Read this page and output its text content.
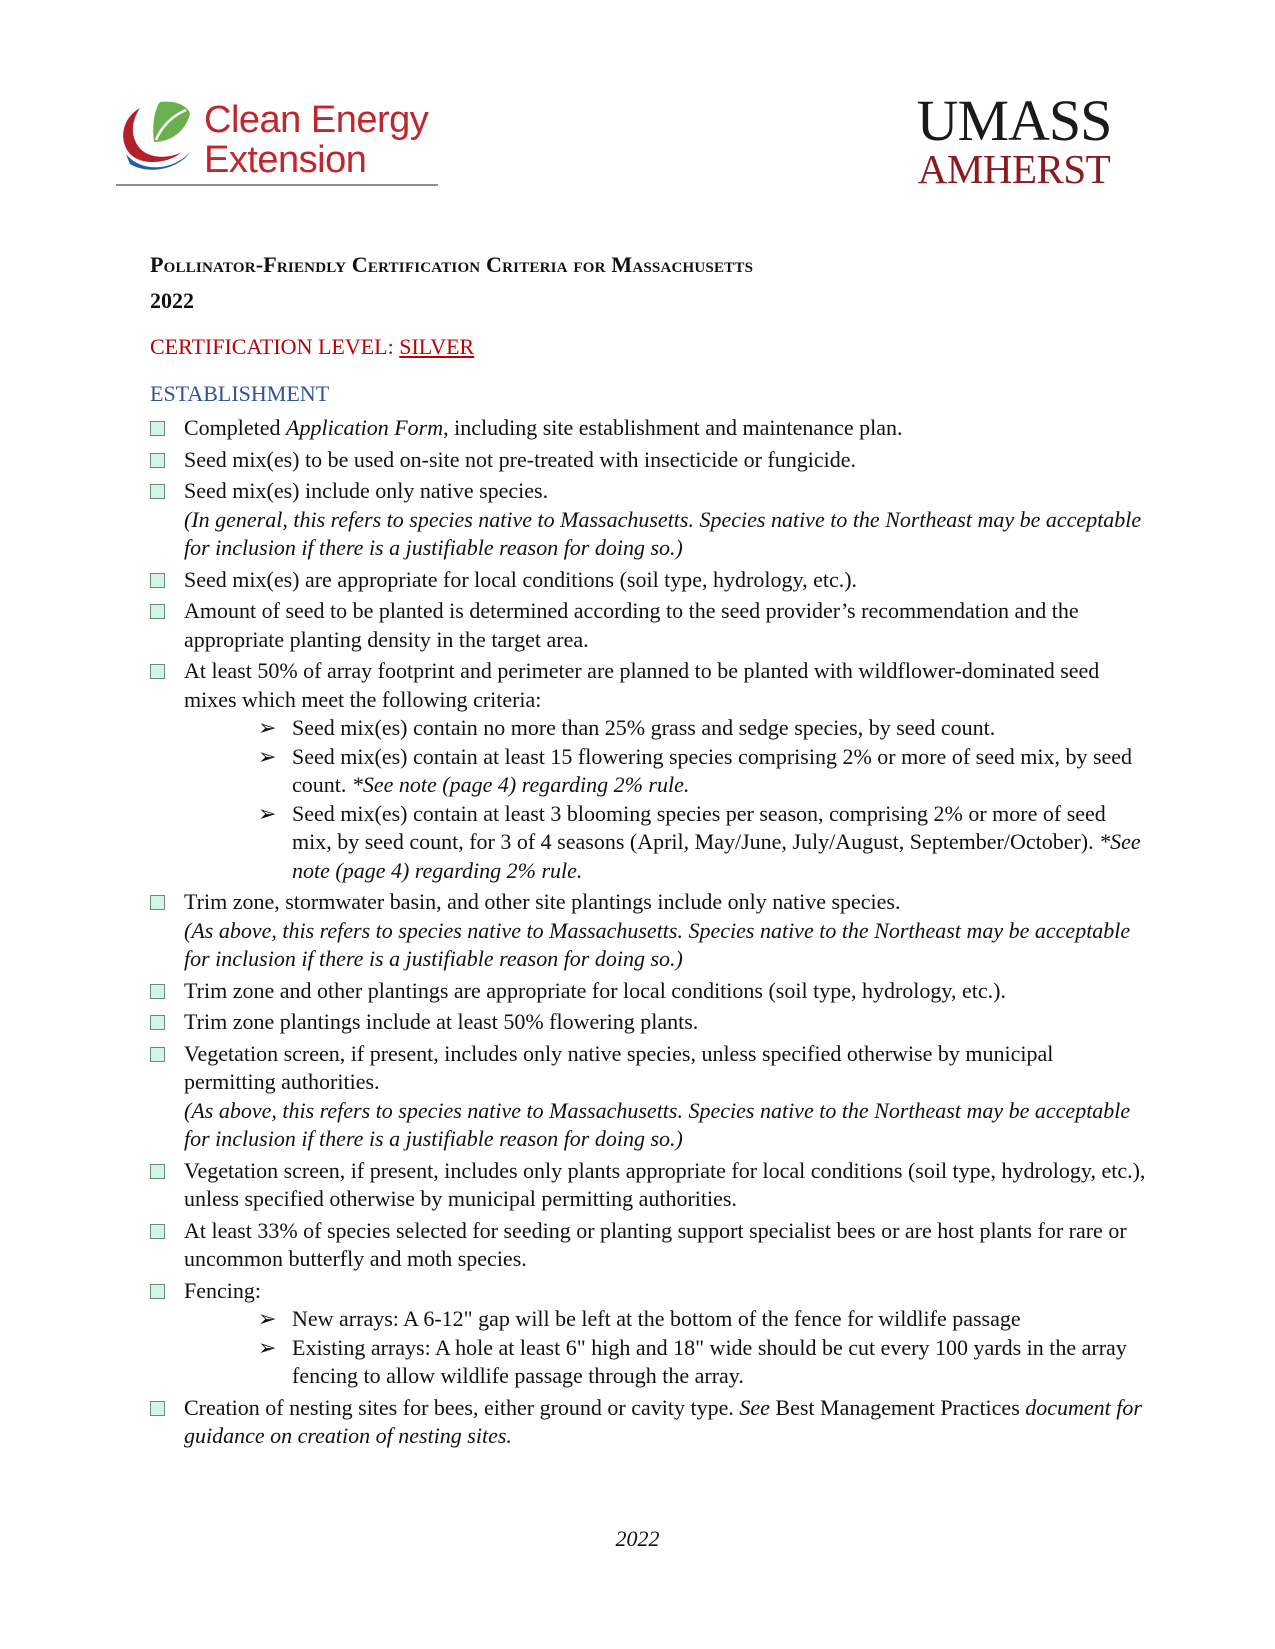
Clean Energy
Extension
UMASS
AMHERST
Pollinator-Friendly Certification Criteria for Massachusetts
2022
CERTIFICATION LEVEL: SILVER
ESTABLISHMENT
Completed Application Form, including site establishment and maintenance plan.
Seed mix(es) to be used on-site not pre-treated with insecticide or fungicide.
Seed mix(es) include only native species.
(In general, this refers to species native to Massachusetts. Species native to the Northeast may be acceptable for inclusion if there is a justifiable reason for doing so.)
Seed mix(es) are appropriate for local conditions (soil type, hydrology, etc.).
Amount of seed to be planted is determined according to the seed provider’s recommendation and the appropriate planting density in the target area.
At least 50% of array footprint and perimeter are planned to be planted with wildflower-dominated seed mixes which meet the following criteria:
➢ Seed mix(es) contain no more than 25% grass and sedge species, by seed count.
➢ Seed mix(es) contain at least 15 flowering species comprising 2% or more of seed mix, by seed count. *See note (page 4) regarding 2% rule.
➢ Seed mix(es) contain at least 3 blooming species per season, comprising 2% or more of seed mix, by seed count, for 3 of 4 seasons (April, May/June, July/August, September/October). *See note (page 4) regarding 2% rule.
Trim zone, stormwater basin, and other site plantings include only native species.
(As above, this refers to species native to Massachusetts. Species native to the Northeast may be acceptable for inclusion if there is a justifiable reason for doing so.)
Trim zone and other plantings are appropriate for local conditions (soil type, hydrology, etc.).
Trim zone plantings include at least 50% flowering plants.
Vegetation screen, if present, includes only native species, unless specified otherwise by municipal permitting authorities.
(As above, this refers to species native to Massachusetts. Species native to the Northeast may be acceptable for inclusion if there is a justifiable reason for doing so.)
Vegetation screen, if present, includes only plants appropriate for local conditions (soil type, hydrology, etc.), unless specified otherwise by municipal permitting authorities.
At least 33% of species selected for seeding or planting support specialist bees or are host plants for rare or uncommon butterfly and moth species.
Fencing:
➢ New arrays: A 6-12" gap will be left at the bottom of the fence for wildlife passage
➢ Existing arrays: A hole at least 6" high and 18" wide should be cut every 100 yards in the array fencing to allow wildlife passage through the array.
Creation of nesting sites for bees, either ground or cavity type. See Best Management Practices document for guidance on creation of nesting sites.
2022
